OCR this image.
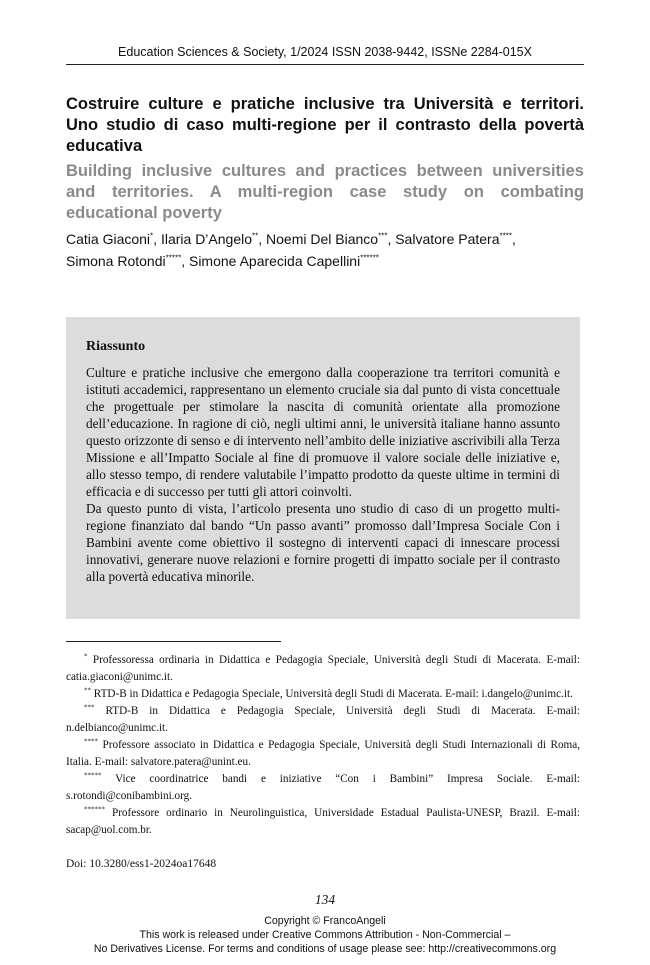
Education Sciences & Society, 1/2024 ISSN 2038-9442, ISSNe 2284-015X

Costruire culture e pratiche inclusive tra Università e territori. Uno studio di caso multi-regione per il contrasto della povertà educativa

Building inclusive cultures and practices between universities and territories. A multi-region case study on combating educational poverty

Catia Giaconi*, Ilaria D’Angelo**, Noemi Del Bianco***, Salvatore Patera****,
Simona Rotondi*****, Simone Aparecida Capellini******

Riassunto

Culture e pratiche inclusive che emergono dalla cooperazione tra territori comunità e istituti accademici, rappresentano un elemento cruciale sia dal punto di vista concettuale che progettuale per stimolare la nascita di comunità orientate alla promozione dell’educazione. In ragione di ciò, negli ultimi anni, le università italiane hanno assunto questo orizzonte di senso e di intervento nell’ambito delle iniziative ascrivibili alla Terza Missione e all’Impatto Sociale al fine di promuove il valore sociale delle iniziative e, allo stesso tempo, di rendere valutabile l’impatto prodotto da queste ultime in termini di efficacia e di successo per tutti gli attori coinvolti.

Da questo punto di vista, l’articolo presenta uno studio di caso di un progetto multi-regione finanziato dal bando “Un passo avanti” promosso dall’Impresa Sociale Con i Bambini avente come obiettivo il sostegno di interventi capaci di innescare processi innovativi, generare nuove relazioni e fornire progetti di impatto sociale per il contrasto alla povertà educativa minorile.

* Professoressa ordinaria in Didattica e Pedagogia Speciale, Università degli Studi di Macerata. E-mail: catia.giaconi@unimc.it.

** RTD-B in Didattica e Pedagogia Speciale, Università degli Studi di Macerata. E-mail: i.dangelo@unimc.it.

*** RTD-B in Didattica e Pedagogia Speciale, Università degli Studi di Macerata. E-mail: n.delbianco@unimc.it.

**** Professore associato in Didattica e Pedagogia Speciale, Università degli Studi Internazionali di Roma, Italia. E-mail: salvatore.patera@unint.eu.

***** Vice coordinatrice bandi e iniziative “Con i Bambini” Impresa Sociale. E-mail: s.rotondi@conibambini.org.

****** Professore ordinario in Neurolinguistica, Universidade Estadual Paulista-UNESP, Brazil. E-mail: sacap@uol.com.br.

Doi: 10.3280/ess1-2024oa17648
134
Copyright © FrancoAngeli
This work is released under Creative Commons Attribution - Non-Commercial –
No Derivatives License. For terms and conditions of usage please see: http://creativecommons.org
